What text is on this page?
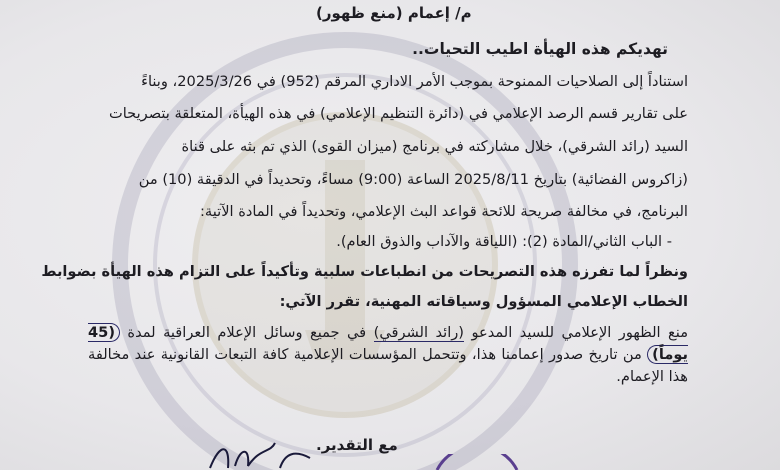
م/ إعمام (منع ظهور)
تهديكم هذه الهيأة اطيب التحيات..
استناداً إلى الصلاحيات الممنوحة بموجب الأمر الاداري المرقم (952) في 2025/3/26، وبناءً
على تقارير قسم الرصد الإعلامي في (دائرة التنظيم الإعلامي) في هذه الهيأة، المتعلقة بتصريحات
السيد (رائد الشرقي)، خلال مشاركته في برنامج (ميزان القوى) الذي تم بثه على قناة
(زاكروس الفضائية) بتاريخ 2025/8/11 الساعة (9:00) مساءً، وتحديداً في الدقيقة (10) من
البرنامج، في مخالفة صريحة للائحة قواعد البث الإعلامي، وتحديداً في المادة الآتية:
- الباب الثاني/المادة (2): (اللياقة والآداب والذوق العام).
ونظراً لما تفرزه هذه التصريحات من انطباعات سلبية وتأكيداً على التزام هذه الهيأة بضوابط
الخطاب الإعلامي المسؤول وسياقاته المهنية، تقرر الآتي:
منع الظهور الإعلامي للسيد المدعو (رائد الشرقي) في جميع وسائل الإعلام العراقية لمدة (45 يوماً) من تاريخ صدور إعمامنا هذا، وتتحمل المؤسسات الإعلامية كافة التبعات القانونية عند مخالفة هذا الإعمام.
مع التقدير.
